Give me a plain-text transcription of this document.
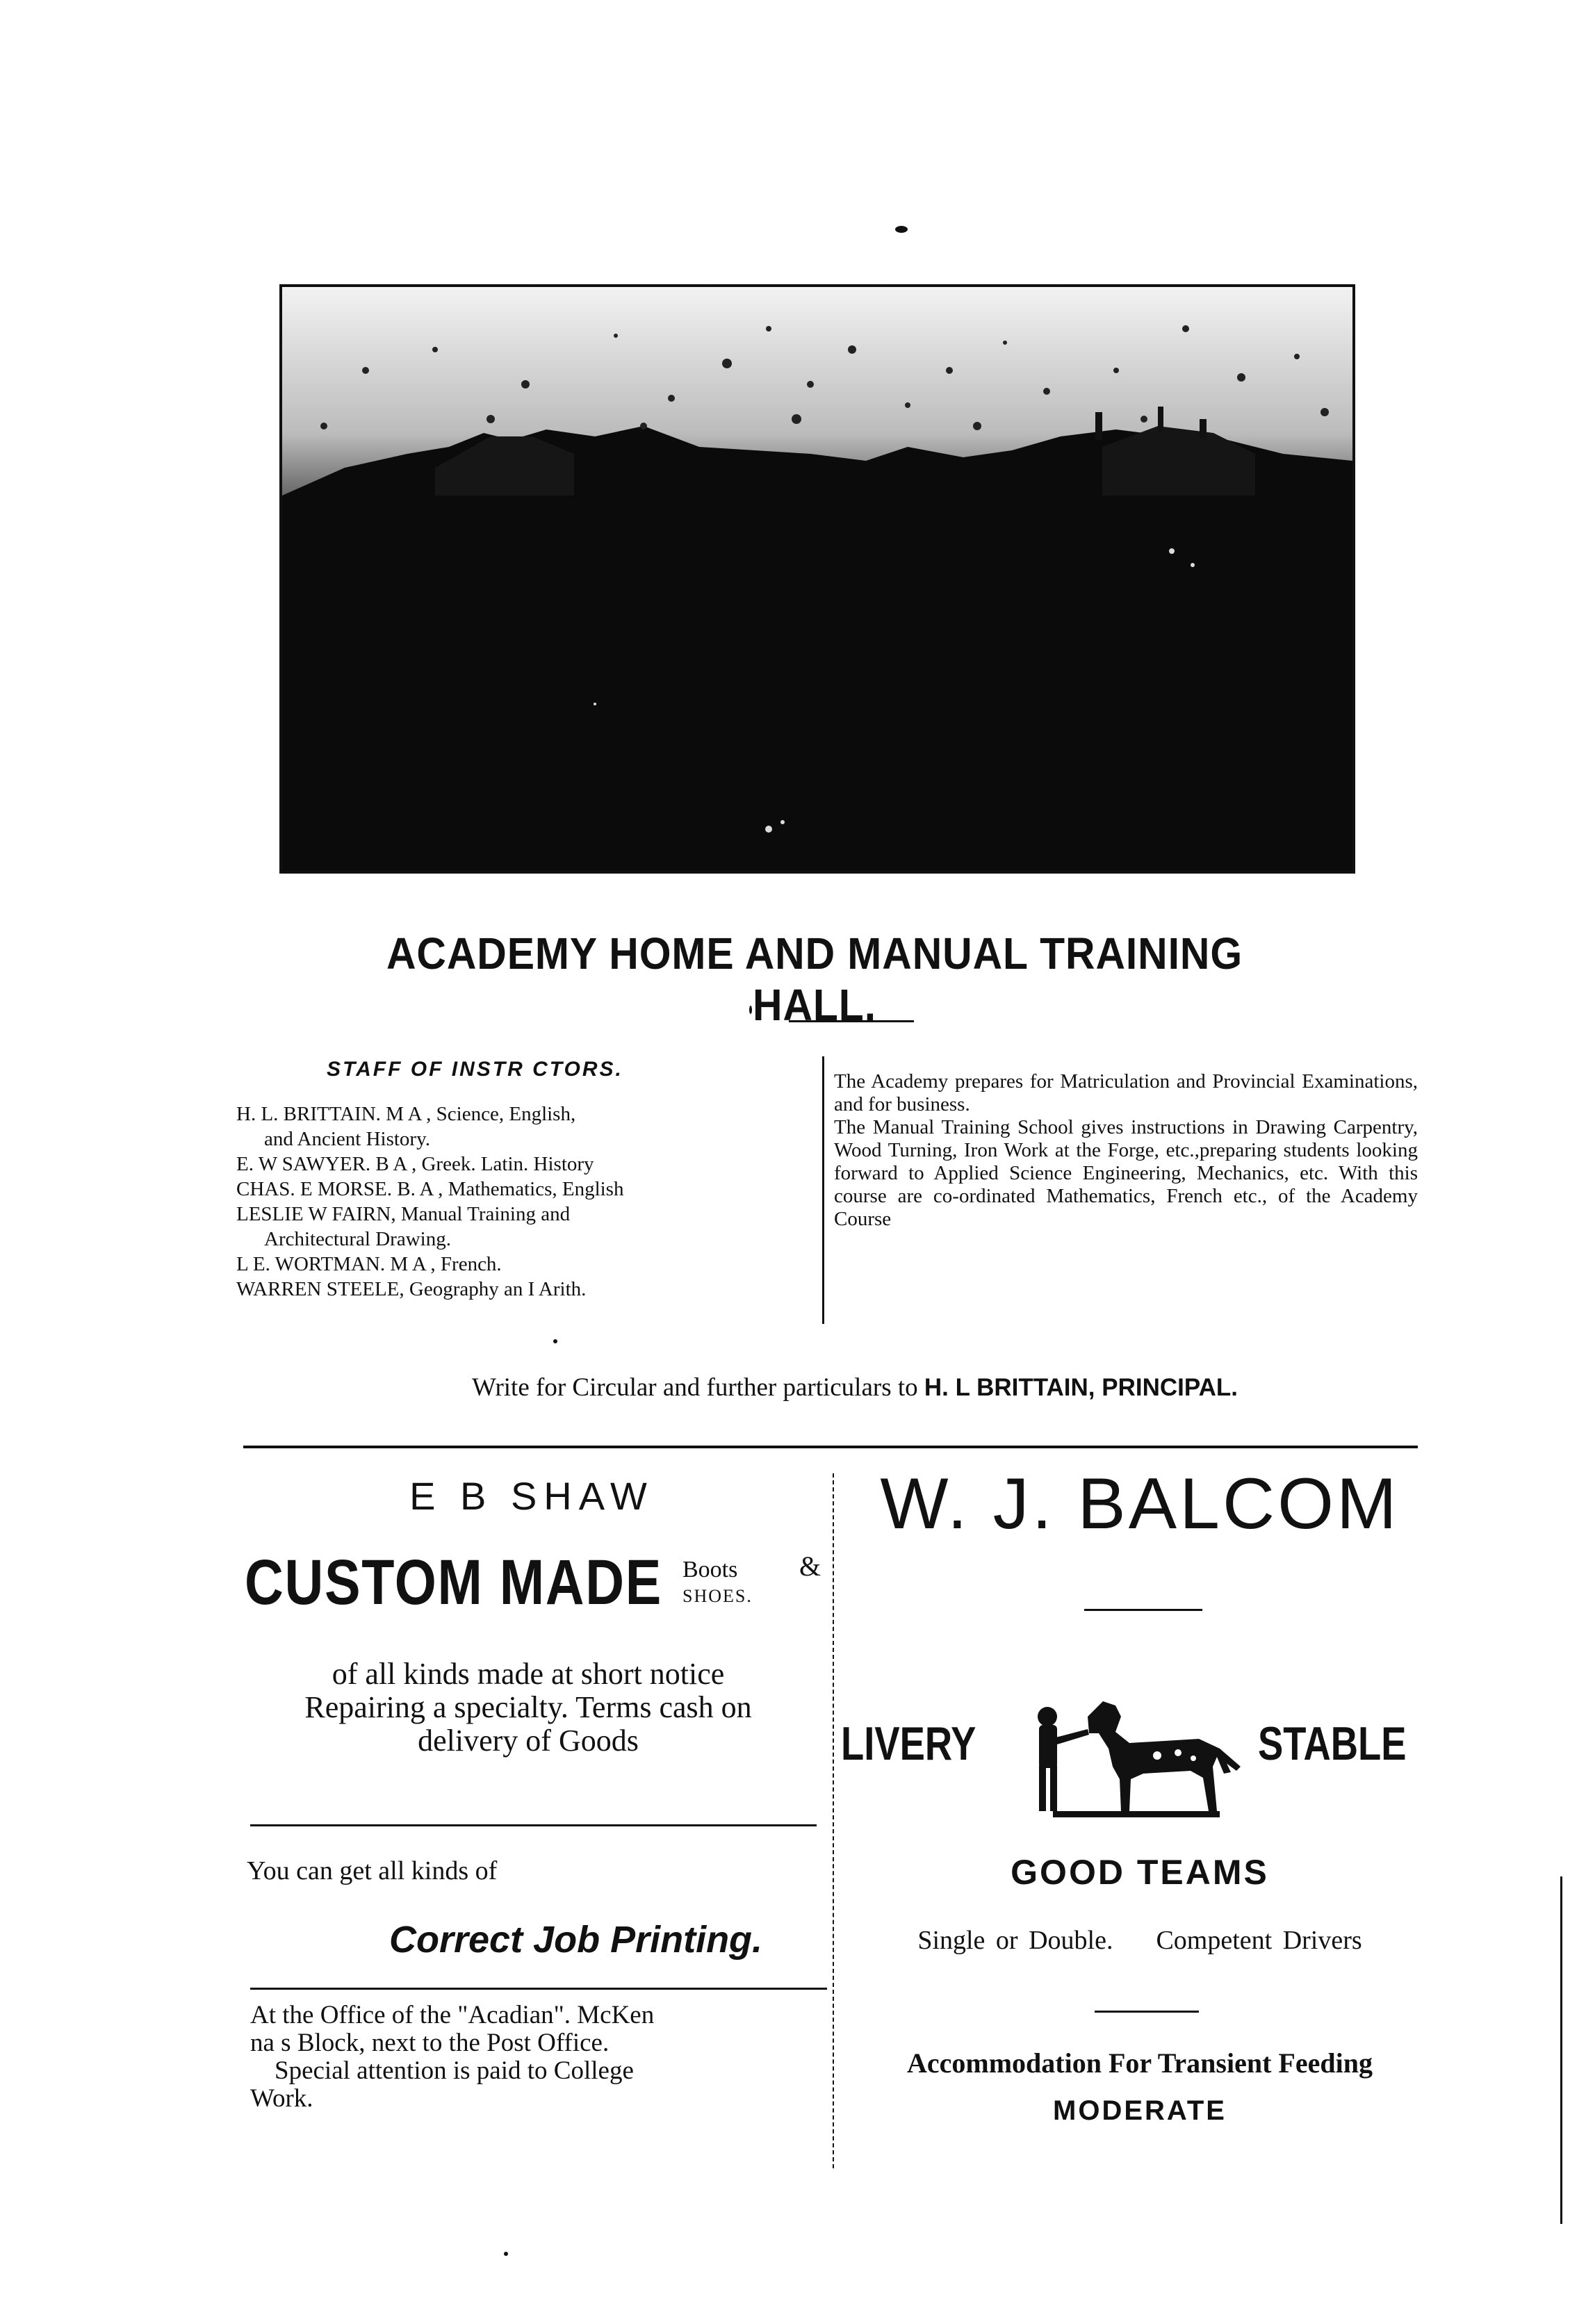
ACADEMY HOME AND MANUAL TRAINING HALL.
STAFF OF INSTR CTORS.
H. L. BRITTAIN. M A , Science, English,
and Ancient History.
E. W SAWYER. B A , Greek. Latin. History
CHAS. E MORSE. B. A , Mathematics, English
LESLIE W FAIRN, Manual Training and
Architectural Drawing.
L E. WORTMAN. M A , French.
WARREN STEELE, Geography an I Arith.

The Academy prepares for Matriculation and Provincial Examinations, and for business.

The Manual Training School gives instructions in Drawing Carpentry, Wood Turning, Iron Work at the Forge, etc.,preparing students looking forward to Applied Science Engineering, Mechanics, etc. With this course are co-ordinated Mathematics, French etc., of the Academy Course

Write for Circular and further particulars to H. L BRITTAIN, PRINCIPAL.
E B SHAW
CUSTOM MADE Boots
SHOES.
&
of all kinds made at short notice
Repairing a specialty. Terms cash on
delivery of Goods
You can get all kinds of
Correct Job Printing.
At the Office of the "Acadian". McKen
na s Block, next to the Post Office.
Special attention is paid to College
Work.
W. J. BALCOM
LIVERY	STABLE
GOOD TEAMS
Single or Double. Competent Drivers
Accommodation For Transient Feeding
MODERATE
